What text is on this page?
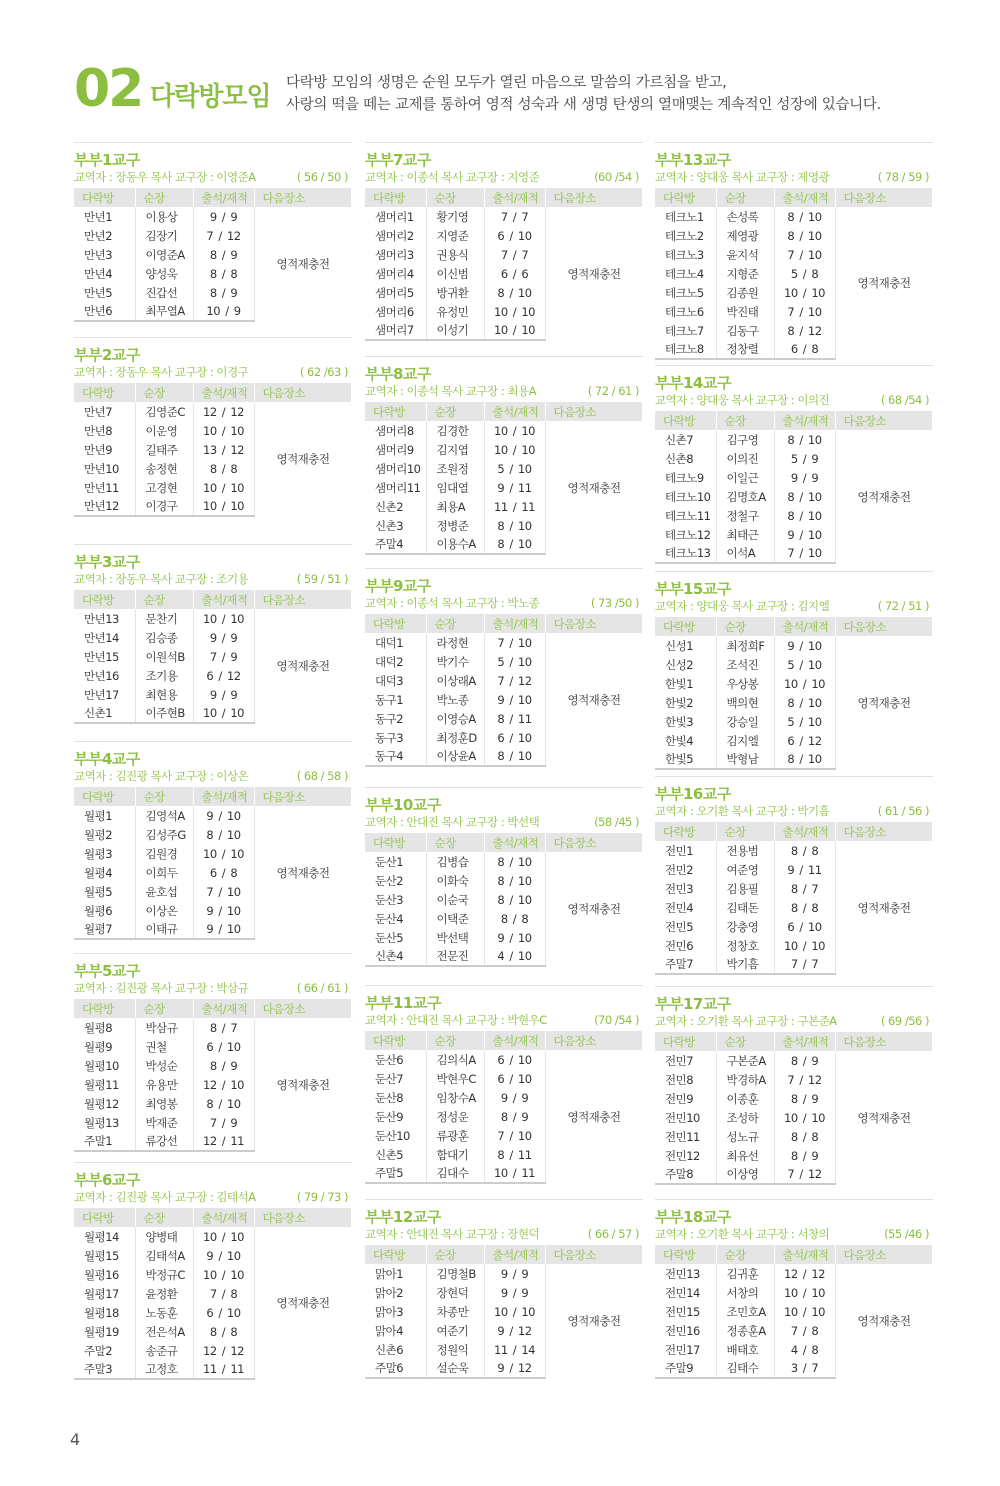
02 다락방모임 다락방 모임의 생명은 순원 모두가 열린 마음으로 말씀의 가르침을 받고,
사랑의 떡을 떼는 교제를 통하여 영적 성숙과 새 생명 탄생의 열매맺는 계속적인 성장에 있습니다.
부부1교구
교역자 : 장동우 목사 교구장 : 이영준A	( 56 / 50 )
다락방	순장	출석/재적	다음장소
만년1	이용상	9 / 9	영적재충전
만년2	김장기	7 / 12	
만년3	이영준A	8 / 9	
만년4	양성욱	8 / 8	
만년5	진갑선	8 / 9	
만년6	최무열A	10 / 9	
부부2교구
교역자 : 장동우 목사 교구장 : 이경구	( 62 /63 )
다락방	순장	출석/재적	다음장소
만년7	김영준C	12 / 12	영적재충전
만년8	이운영	10 / 10	
만년9	길태주	13 / 12	
만년10	송정현	8 / 8	
만년11	고경현	10 / 10	
만년12	이경구	10 / 10	
부부3교구
교역자 : 장동우 목사 교구장 : 조기용	( 59 / 51 )
다락방	순장	출석/재적	다음장소
만년13	문찬기	10 / 10	영적재충전
만년14	김승종	9 / 9	
만년15	이원석B	7 / 9	
만년16	조기용	6 / 12	
만년17	최현용	9 / 9	
신촌1	이주현B	10 / 10	
부부4교구
교역자 : 김진광 목사 교구장 : 이상온	( 68 / 58 )
다락방	순장	출석/재적	다음장소
월평1	김영석A	9 / 10	영적재충전
월평2	김성주G	8 / 10	
월평3	김원경	10 / 10	
월평4	이희두	6 / 8	
월평5	윤호섭	7 / 10	
월평6	이상온	9 / 10	
월평7	이태규	9 / 10	
부부5교구
교역자 : 김진광 목사 교구장 : 박삼규	( 66 / 61 )
다락방	순장	출석/재적	다음장소
월평8	박삼규	8 / 7	영적재충전
월평9	권철	6 / 10	
월평10	박성순	8 / 9	
월평11	유용만	12 / 10	
월평12	최영봉	8 / 10	
월평13	박재준	7 / 9	
주말1	류강선	12 / 11	
부부6교구
교역자 : 김진광 목사 교구장 : 김태석A	( 79 / 73 )
다락방	순장	출석/재적	다음장소
월평14	양병태	10 / 10	영적재충전
월평15	김태석A	9 / 10	
월평16	박정규C	10 / 10	
월평17	윤정환	7 / 8	
월평18	노동훈	6 / 10	
월평19	전은석A	8 / 8	
주말2	송준규	12 / 12	
주말3	고정호	11 / 11	
부부7교구
교역자 : 이종석 목사 교구장 : 지영준	(60 /54 )
다락방	순장	출석/재적	다음장소
샘머리1	황기영	7 / 7	영적재충전
샘머리2	지영준	6 / 10	
샘머리3	권용식	7 / 7	
샘머리4	이신범	6 / 6	
샘머리5	방귀환	8 / 10	
샘머리6	유정민	10 / 10	
샘머리7	이성기	10 / 10	
부부8교구
교역자 : 이종석 목사 교구장 : 최용A	( 72 / 61 )
다락방	순장	출석/재적	다음장소
샘머리8	김경한	10 / 10	영적재충전
샘머리9	김지엽	10 / 10	
샘머리10	조원정	5 / 10	
샘머리11	임대열	9 / 11	
신촌2	최용A	11 / 11	
신촌3	정병준	8 / 10	
주말4	이용수A	8 / 10	
부부9교구
교역자 : 이종석 목사 교구장 : 박노종	( 73 /50 )
다락방	순장	출석/재적	다음장소
대덕1	라정현	7 / 10	영적재충전
대덕2	박기수	5 / 10	
대덕3	이상래A	7 / 12	
동구1	박노종	9 / 10	
동구2	이영승A	8 / 11	
동구3	최정훈D	6 / 10	
동구4	이상윤A	8 / 10	
부부10교구
교역자 : 안대진 목사 교구장 : 박선택	(58 /45 )
다락방	순장	출석/재적	다음장소
둔산1	김병습	8 / 10	영적재충전
둔산2	이화숙	8 / 10	
둔산3	이순국	8 / 10	
둔산4	이택준	8 / 8	
둔산5	박선택	9 / 10	
신촌4	전문진	4 / 10	
부부11교구
교역자 : 안대진 목사 교구장 : 박현우C	(70 /54 )
다락방	순장	출석/재적	다음장소
둔산6	김의식A	6 / 10	영적재충전
둔산7	박현우C	6 / 10	
둔산8	임창수A	9 / 9	
둔산9	정성운	8 / 9	
둔산10	류광훈	7 / 10	
신촌5	함대기	8 / 11	
주말5	김대수	10 / 11	
부부12교구
교역자 : 안대진 목사 교구장 : 장현덕	( 66 / 57 )
다락방	순장	출석/재적	다음장소
맑아1	김명철B	9 / 9	영적재충전
맑아2	장현덕	9 / 9	
맑아3	차종만	10 / 10	
맑아4	여준기	9 / 12	
신촌6	정원익	11 / 14	
주말6	설순욱	9 / 12	
부부13교구
교역자 : 양대웅 목사 교구장 : 제영광	( 78 / 59 )
다락방	순장	출석/재적	다음장소
테크노1	손성록	8 / 10	영적재충전
테크노2	제영광	8 / 10	
테크노3	윤지석	7 / 10	
테크노4	지형준	5 / 8	
테크노5	김종원	10 / 10	
테크노6	박진태	7 / 10	
테크노7	김동구	8 / 12	
테크노8	정창렬	6 / 8	
부부14교구
교역자 : 양대웅 목사 교구장 : 이의진	( 68 /54 )
다락방	순장	출석/재적	다음장소
신촌7	김구영	8 / 10	영적재충전
신촌8	이의진	5 / 9	
테크노9	이일근	9 / 9	
테크노10	김명호A	8 / 10	
테크노11	정철구	8 / 10	
테크노12	최태근	9 / 10	
테크노13	이석A	7 / 10	
부부15교구
교역자 : 양대웅 목사 교구장 : 김지엘	( 72 / 51 )
다락방	순장	출석/재적	다음장소
신성1	최정희F	9 / 10	영적재충전
신성2	조석진	5 / 10	
한빛1	우상봉	10 / 10	
한빛2	백의현	8 / 10	
한빛3	강승일	5 / 10	
한빛4	김지엘	6 / 12	
한빛5	박형남	8 / 10	
부부16교구
교역자 : 오기환 목사 교구장 : 박기흠	( 61 / 56 )
다락방	순장	출석/재적	다음장소
전민1	전용범	8 / 8	영적재충전
전민2	여준영	9 / 11	
전민3	김용필	8 / 7	
전민4	김태돈	8 / 8	
전민5	강충영	6 / 10	
전민6	정창호	10 / 10	
주말7	박기흠	7 / 7	
부부17교구
교역자 : 오기환 목사 교구장 : 구본준A	( 69 /56 )
다락방	순장	출석/재적	다음장소
전민7	구본준A	8 / 9	영적재충전
전민8	박경하A	7 / 12	
전민9	이종훈	8 / 9	
전민10	조성하	10 / 10	
전민11	성노규	8 / 8	
전민12	최유선	8 / 9	
주말8	이상영	7 / 12	
부부18교구
교역자 : 오기환 목사 교구장 : 서창의	(55 /46 )
다락방	순장	출석/재적	다음장소
전민13	김귀훈	12 / 12	영적재충전
전민14	서창의	10 / 10	
전민15	조민호A	10 / 10	
전민16	정종훈A	7 / 8	
전민17	배태호	4 / 8	
주말9	김태수	3 / 7	
4
